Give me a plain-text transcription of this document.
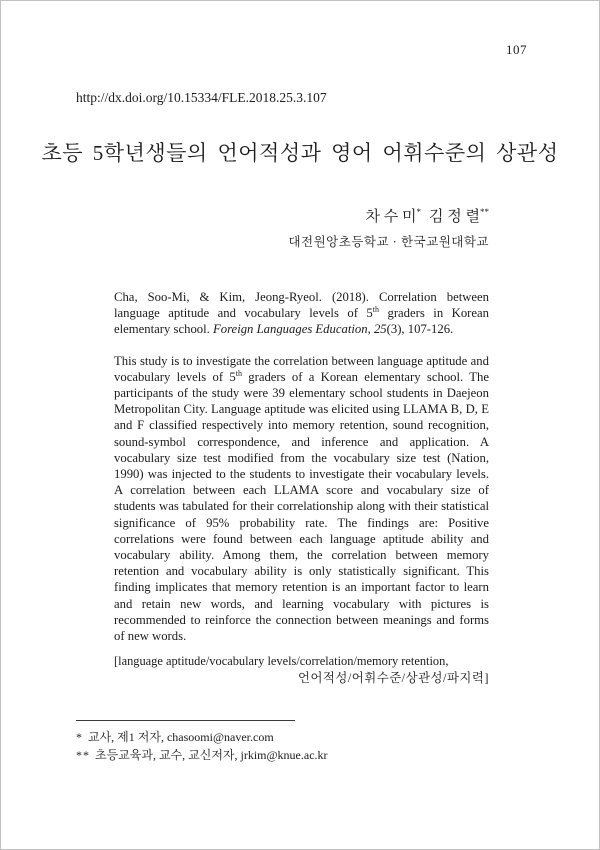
107
http://dx.doi.org/10.15334/FLE.2018.25.3.107
초등 5학년생들의 언어적성과 영어 어휘수준의 상관성
차 수 미* 김 정 렬**
대전원앙초등학교 · 한국교원대학교

Cha, Soo-Mi, & Kim, Jeong-Ryeol. (2018). Correlation between language aptitude and vocabulary levels of 5th graders in Korean elementary school. Foreign Languages Education, 25(3), 107-126.

This study is to investigate the correlation between language aptitude and vocabulary levels of 5th graders of a Korean elementary school. The participants of the study were 39 elementary school students in Daejeon Metropolitan City. Language aptitude was elicited using LLAMA B, D, E and F classified respectively into memory retention, sound recognition, sound-symbol correspondence, and inference and application. A vocabulary size test modified from the vocabulary size test (Nation, 1990) was injected to the students to investigate their vocabulary levels. A correlation between each LLAMA score and vocabulary size of students was tabulated for their correlationship along with their statistical significance of 95% probability rate. The findings are: Positive correlations were found between each language aptitude ability and vocabulary ability. Among them, the correlation between memory retention and vocabulary ability is only statistically significant. This finding implicates that memory retention is an important factor to learn and retain new words, and learning vocabulary with pictures is recommended to reinforce the connection between meanings and forms of new words.

[language aptitude/vocabulary levels/correlation/memory retention,
언어적성/어휘수준/상관성/파지력]
* 교사, 제1 저자, chasoomi@naver.com
** 초등교육과, 교수, 교신저자, jrkim@knue.ac.kr
